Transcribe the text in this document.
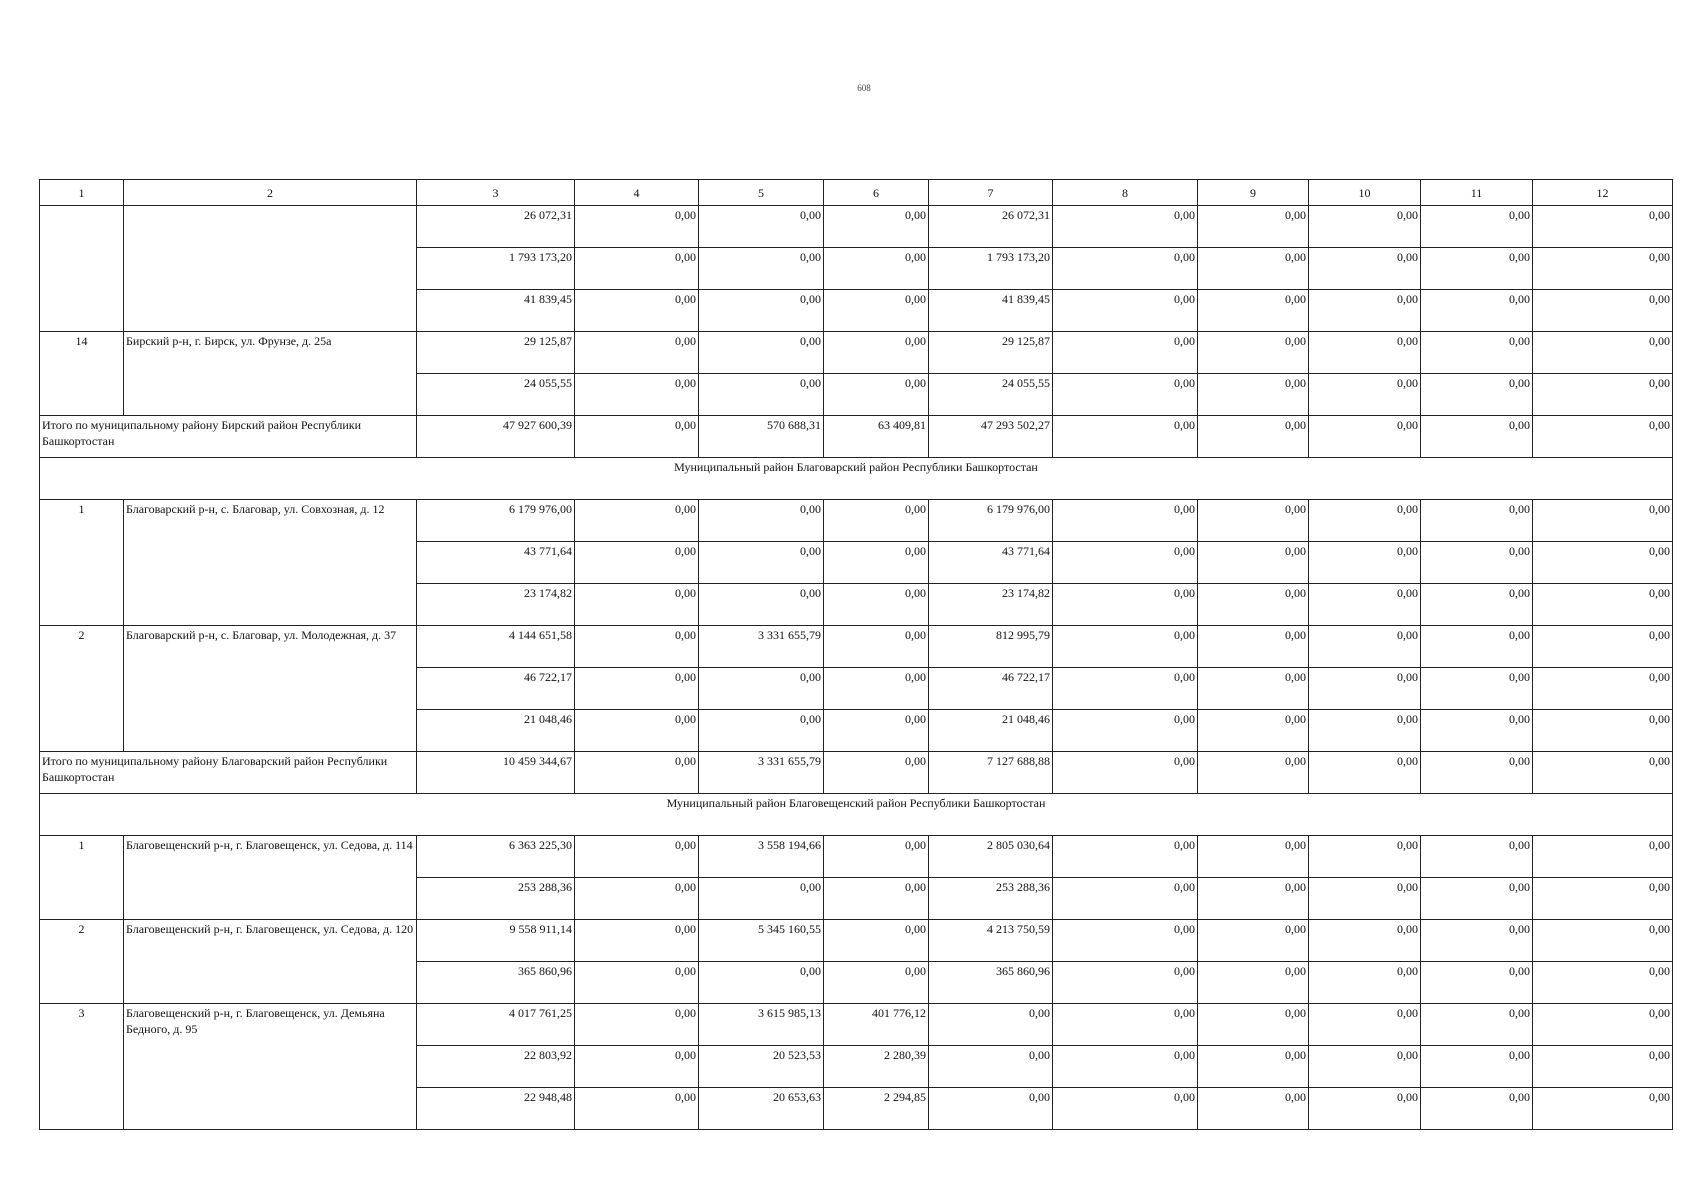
608
1	2	3	4	5	6	7	8	9	10	11	12
		26 072,31	0,00	0,00	0,00	26 072,31	0,00	0,00	0,00	0,00	0,00
		1 793 173,20	0,00	0,00	0,00	1 793 173,20	0,00	0,00	0,00	0,00	0,00
		41 839,45	0,00	0,00	0,00	41 839,45	0,00	0,00	0,00	0,00	0,00
14	Бирский р-н, г. Бирск, ул. Фрунзе, д. 25а	29 125,87	0,00	0,00	0,00	29 125,87	0,00	0,00	0,00	0,00	0,00
		24 055,55	0,00	0,00	0,00	24 055,55	0,00	0,00	0,00	0,00	0,00
Итого по муниципальному району Бирский район Республики Башкортостан		47 927 600,39	0,00	570 688,31	63 409,81	47 293 502,27	0,00	0,00	0,00	0,00	0,00
Муниципальный район Благоварский район Республики Башкортостан											
1	Благоварский р-н, с. Благовар, ул. Совхозная, д. 12	6 179 976,00	0,00	0,00	0,00	6 179 976,00	0,00	0,00	0,00	0,00	0,00
		43 771,64	0,00	0,00	0,00	43 771,64	0,00	0,00	0,00	0,00	0,00
		23 174,82	0,00	0,00	0,00	23 174,82	0,00	0,00	0,00	0,00	0,00
2	Благоварский р-н, с. Благовар, ул. Молодежная, д. 37	4 144 651,58	0,00	3 331 655,79	0,00	812 995,79	0,00	0,00	0,00	0,00	0,00
		46 722,17	0,00	0,00	0,00	46 722,17	0,00	0,00	0,00	0,00	0,00
		21 048,46	0,00	0,00	0,00	21 048,46	0,00	0,00	0,00	0,00	0,00
Итого по муниципальному району Благоварский район Республики Башкортостан		10 459 344,67	0,00	3 331 655,79	0,00	7 127 688,88	0,00	0,00	0,00	0,00	0,00
Муниципальный район Благовещенский район Республики Башкортостан											
1	Благовещенский р-н, г. Благовещенск, ул. Седова, д. 114	6 363 225,30	0,00	3 558 194,66	0,00	2 805 030,64	0,00	0,00	0,00	0,00	0,00
		253 288,36	0,00	0,00	0,00	253 288,36	0,00	0,00	0,00	0,00	0,00
2	Благовещенский р-н, г. Благовещенск, ул. Седова, д. 120	9 558 911,14	0,00	5 345 160,55	0,00	4 213 750,59	0,00	0,00	0,00	0,00	0,00
		365 860,96	0,00	0,00	0,00	365 860,96	0,00	0,00	0,00	0,00	0,00
3	Благовещенский р-н, г. Благовещенск, ул. Демьяна Бедного, д. 95	4 017 761,25	0,00	3 615 985,13	401 776,12	0,00	0,00	0,00	0,00	0,00	0,00
		22 803,92	0,00	20 523,53	2 280,39	0,00	0,00	0,00	0,00	0,00	0,00
		22 948,48	0,00	20 653,63	2 294,85	0,00	0,00	0,00	0,00	0,00	0,00
